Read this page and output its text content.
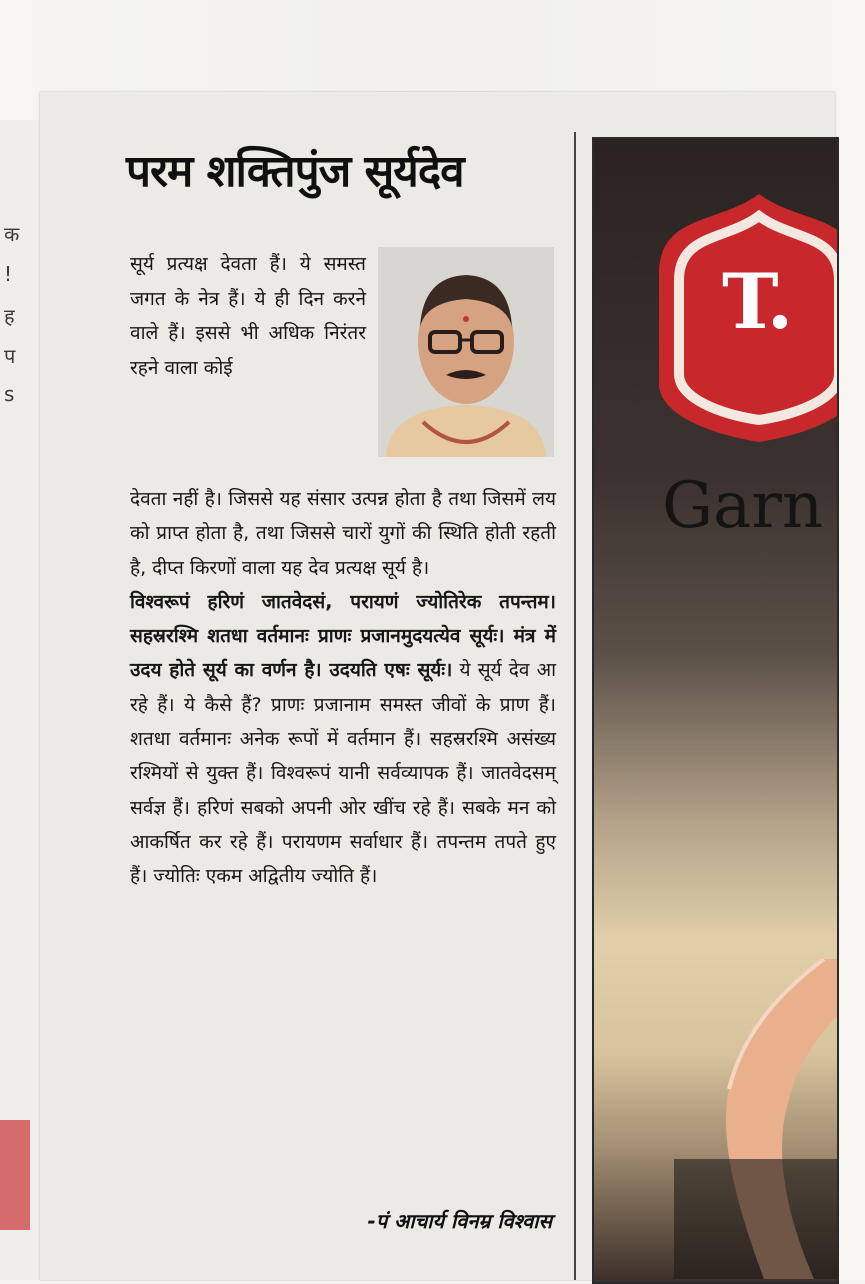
क
!
ह
प
s
परम शक्तिपुंज सूर्यदेव
सूर्य प्रत्यक्ष देवता हैं। ये समस्त जगत के नेत्र हैं। ये ही दिन करने वाले हैं। इससे भी अधिक निरंतर रहने वाला कोई
देवता नहीं है। जिससे यह संसार उत्पन्न होता है तथा जिसमें लय को प्राप्त होता है, तथा जिससे चारों युगों की स्थिति होती रहती है, दीप्त किरणों वाला यह देव प्रत्यक्ष सूर्य है।
विश्वरूपं हरिणं जातवेदसं, परायणं ज्योतिरेक तपन्तम। सहस्ररश्मि शतधा वर्तमानः प्राणः प्रजानमुदयत्येव सूर्यः। मंत्र में उदय होते सूर्य का वर्णन है। उदयति एषः सूर्यः। ये सूर्य देव आ रहे हैं। ये कैसे हैं? प्राणः प्रजानाम समस्त जीवों के प्राण हैं। शतधा वर्तमानः अनेक रूपों में वर्तमान हैं। सहस्ररश्मि असंख्य रश्मियों से युक्त हैं। विश्वरूपं यानी सर्वव्यापक हैं। जातवेदसम् सर्वज्ञ हैं। हरिणं सबको अपनी ओर खींच रहे हैं। सबके मन को आकर्षित कर रहे हैं। परायणम सर्वाधार हैं। तपन्तम तपते हुए हैं। ज्योतिः एकम अद्वितीय ज्योति हैं।
-पं आचार्य विनम्र विश्वास
T.
Garn
